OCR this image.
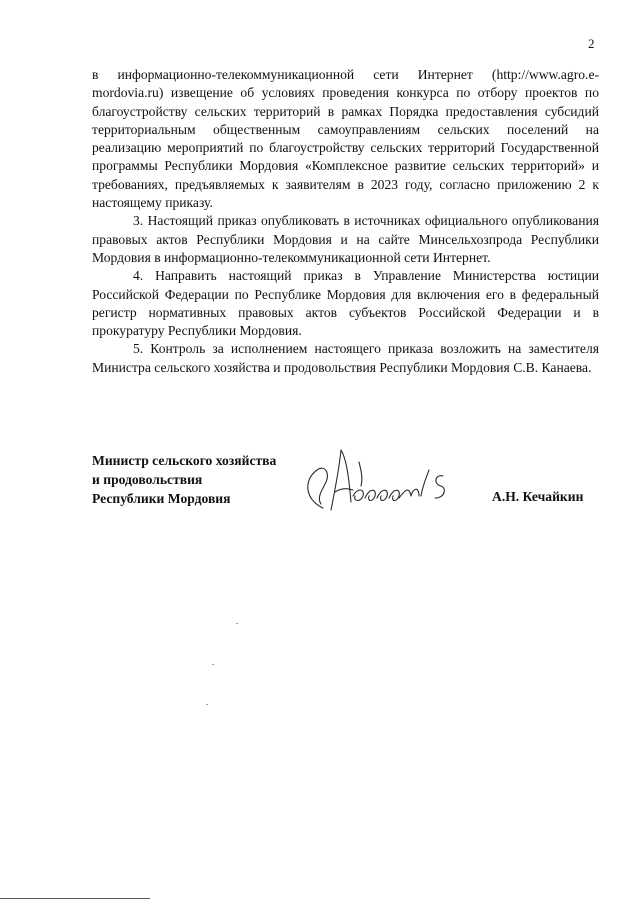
2

в информационно-телекоммуникационной сети Интернет (http://www.agro.e-mordovia.ru) извещение об условиях проведения конкурса по отбору проектов по благоустройству сельских территорий в рамках Порядка предоставления субсидий территориальным общественным самоуправлениям сельских поселений на реализацию мероприятий по благоустройству сельских территорий Государственной программы Республики Мордовия «Комплексное развитие сельских территорий» и требованиях, предъявляемых к заявителям в 2023 году, согласно приложению 2 к настоящему приказу.

3. Настоящий приказ опубликовать в источниках официального опубликования правовых актов Республики Мордовия и на сайте Минсельхозпрода Республики Мордовия в информационно-телекоммуникационной сети Интернет.

4. Направить настоящий приказ в Управление Министерства юстиции Российской Федерации по Республике Мордовия для включения его в федеральный регистр нормативных правовых актов субъектов Российской Федерации и в прокуратуру Республики Мордовия.

5. Контроль за исполнением настоящего приказа возложить на заместителя Министра сельского хозяйства и продовольствия Республики Мордовия С.В. Канаева.

Министр сельского хозяйства
и продовольствия
Республики Мордовия	А.Н. Кечайкин
